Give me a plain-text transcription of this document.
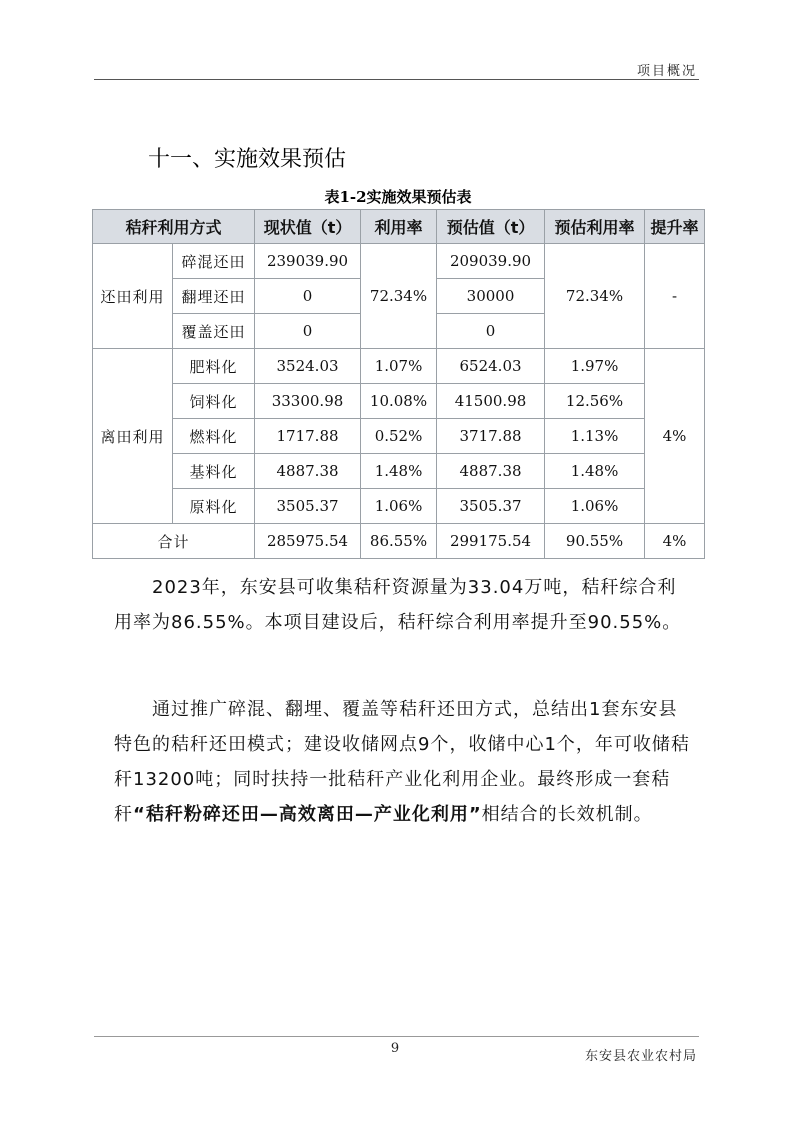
项目概况
十一、实施效果预估
表1-2实施效果预估表
秸秆利用方式		现状值（t）	利用率	预估值（t）	预估利用率	提升率
还田利用	碎混还田	239039.90	72.34%	209039.90	72.34%	-
	翻埋还田	0		30000		
	覆盖还田	0		0		
离田利用	肥料化	3524.03	1.07%	6524.03	1.97%	4%
	饲料化	33300.98	10.08%	41500.98	12.56%	
	燃料化	1717.88	0.52%	3717.88	1.13%	
	基料化	4887.38	1.48%	4887.38	1.48%	
	原料化	3505.37	1.06%	3505.37	1.06%	
合计		285975.54	86.55%	299175.54	90.55%	4%
2023年，东安县可收集秸秆资源量为33.04万吨，秸秆综合利用率为86.55%。本项目建设后，秸秆综合利用率提升至90.55%。
通过推广碎混、翻埋、覆盖等秸秆还田方式，总结出1套东安县特色的秸秆还田模式；建设收储网点9个，收储中心1个，年可收储秸秆13200吨；同时扶持一批秸秆产业化利用企业。最终形成一套秸秆“秸秆粉碎还田—高效离田—产业化利用”相结合的长效机制。
9
东安县农业农村局
